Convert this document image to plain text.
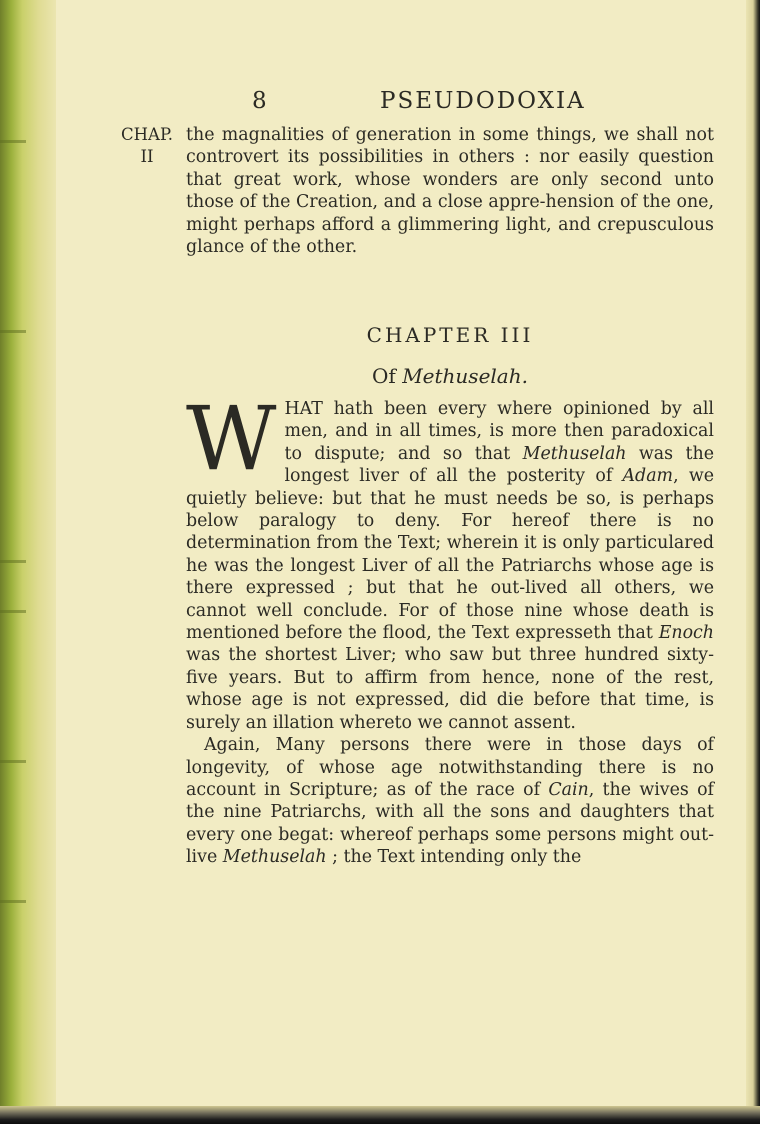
8	PSEUDODOXIA
CHAP.
II

the magnalities of generation in some things, we shall not controvert its possibilities in others : nor easily question that great work, whose wonders are only second unto those of the Creation, and a close appre-hension of the one, might perhaps afford a glimmering light, and crepusculous glance of the other.

CHAPTER III
Of Methuselah.

WHAT hath been every where opinioned by all men, and in all times, is more then paradoxical to dispute; and so that Methuselah was the longest liver of all the posterity of Adam, we quietly believe: but that he must needs be so, is perhaps below paralogy to deny. For hereof there is no determination from the Text; wherein it is only particulared he was the longest Liver of all the Patriarchs whose age is there expressed ; but that he out-lived all others, we cannot well conclude. For of those nine whose death is mentioned before the flood, the Text expresseth that Enoch was the shortest Liver; who saw but three hundred sixty-five years. But to affirm from hence, none of the rest, whose age is not expressed, did die before that time, is surely an illation whereto we cannot assent.

Again, Many persons there were in those days of longevity, of whose age notwithstanding there is no account in Scripture; as of the race of Cain, the wives of the nine Patriarchs, with all the sons and daughters that every one begat: whereof perhaps some persons might out-live Methuselah ; the Text intending only the
